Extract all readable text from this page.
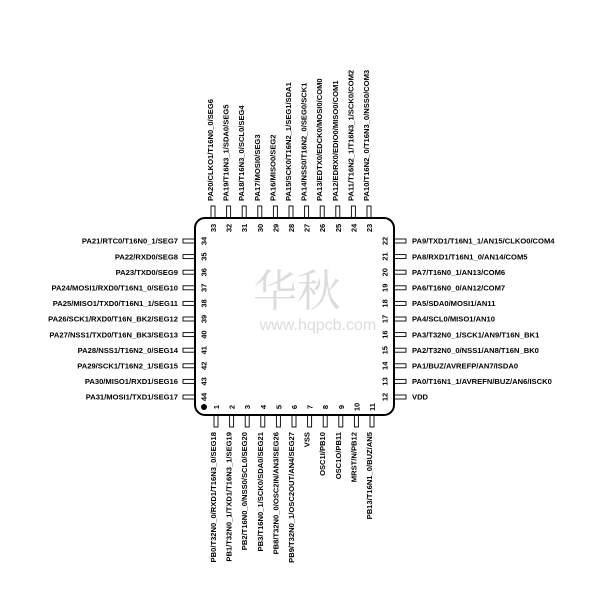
华秋
www.hqpcb.com
34
PA21/RTC0/T16N0_1/SEG7
35
PA22/RXD0/SEG8
36
PA23/TXD0/SEG9
37
PA24/MOSI1/RXD0/T16N1_0/SEG10
38
PA25/MISO1/TXD0/T16N1_1/SEG11
39
PA26/SCK1/RXD0/T16N_BK2/SEG12
40
PA27/NSS1/TXD0/T16N_BK3/SEG13
41
PA28/NSS1/T16N2_0/SEG14
42
PA29/SCK1/T16N2_1/SEG15
43
PA30/MISO1/RXD1/SEG16
44
PA31/MOSI1/TXD1/SEG17
22	PA9/TXD1/T16N1_1/AN15/CLKO0/COM4
21	PA8/RXD1/T16N1_0/AN14/COM5
20	PA7/T16N0_1/AN13/COM6
19	PA6/T16N0_0/AN12/COM7
18	PA5/SDA0/MOSI1/AN11
17	PA4/SCL0/MISO1/AN10
16	PA3/T32N0_1/SCK1/AN9/T16N_BK1
15	PA2/T32N0_0/NSS1/AN8/T16N_BK0
14	PA1/BUZ/AVREFP/AN7/ISDA0
13	PA0/T16N1_1/AVREFN/BUZ/AN6/ISCK0
12	VDD
33
PA20/CLKO1/T16N0_0/SEG6
32
PA19/T16N3_1/SDA0/SEG5
31
PA18/T16N3_0/SCL0/SEG4
30
PA17/MOSI0/SEG3
29
PA16/MISO0/SEG2
28
PA15/SCK0/T16N2_1/SEG1/SDA1
27
PA14/NSS0/T16N2_0/SEG0/SCK1
26
PA13/EDTX0/EDCK0/MOSI0/COM0
25
PA12/EDRX0/EDIO0/MISO0/COM1
24
PA11/T16N2_1/T16N3_1/SCK0/COM2
23
PA10/T16N2_0/T16N3_0/NSS0/COM3
1
PB0/T32N0_0/RXD1/T16N3_0/SEG18
2
PB1/T32N0_1/TXD1/T16N3_1/SEG19
3
PB2/T16N0_0/NSS0/SCL0/SEG20
4
PB3/T16N0_1/SCK0/SDA0/SEG21
5
PB8/T32N0_0/OSC2IN/AN3/SEG26
6
PB9/T32N0_1/OSC2OUT/AN4/SEG27
7
VSS
8
OSC1I/PB10
9
OSC1O/PB11
10
MRST/N/PB12
11
PB13/T16N1_0/BUZ/AN5
